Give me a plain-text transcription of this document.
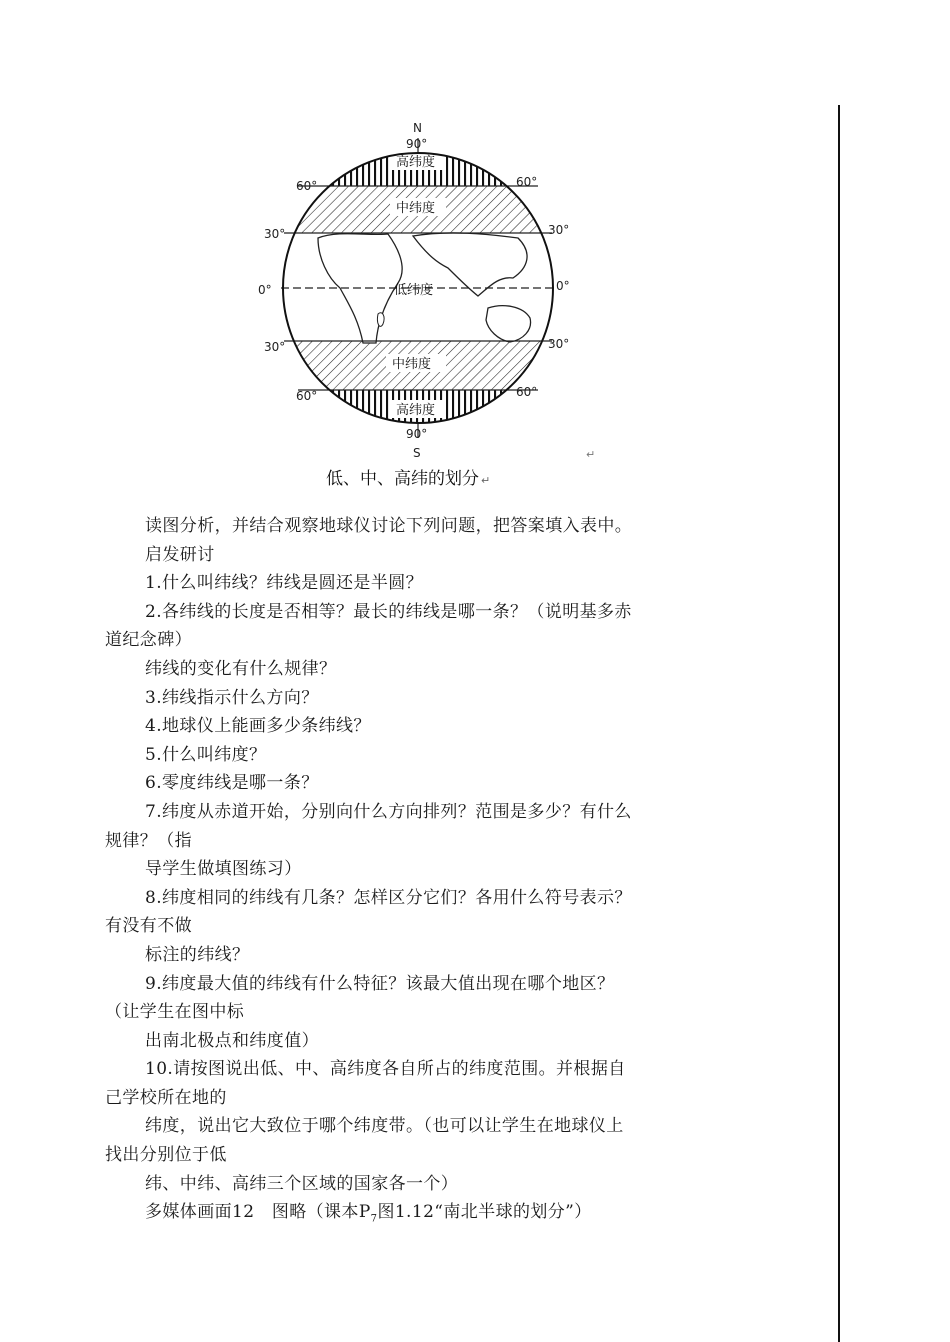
N
90°
60°	60°
30°	30°
0°	0°
30°	30°
60°	60°
90°
S	↵
高纬度
中纬度
低纬度
中纬度
高纬度
低、中、高纬的划分 ↵

读图分析，并结合观察地球仪讨论下列问题，把答案填入表中。

启发研讨

1.什么叫纬线？纬线是圆还是半圆？

2.各纬线的长度是否相等？最长的纬线是哪一条？（说明基多赤

道纪念碑）

纬线的变化有什么规律？

3.纬线指示什么方向？

4.地球仪上能画多少条纬线？

5.什么叫纬度？

6.零度纬线是哪一条？

7.纬度从赤道开始，分别向什么方向排列？范围是多少？有什么

规律？（指

导学生做填图练习）

8.纬度相同的纬线有几条？怎样区分它们？各用什么符号表示？

有没有不做

标注的纬线？

9.纬度最大值的纬线有什么特征？该最大值出现在哪个地区？

（让学生在图中标

出南北极点和纬度值）

10.请按图说出低、中、高纬度各自所占的纬度范围。并根据自

己学校所在地的

纬度，说出它大致位于哪个纬度带。（也可以让学生在地球仪上

找出分别位于低

纬、中纬、高纬三个区域的国家各一个）

多媒体画面12　图略（课本$P_7$图1.12“南北半球的划分”）
